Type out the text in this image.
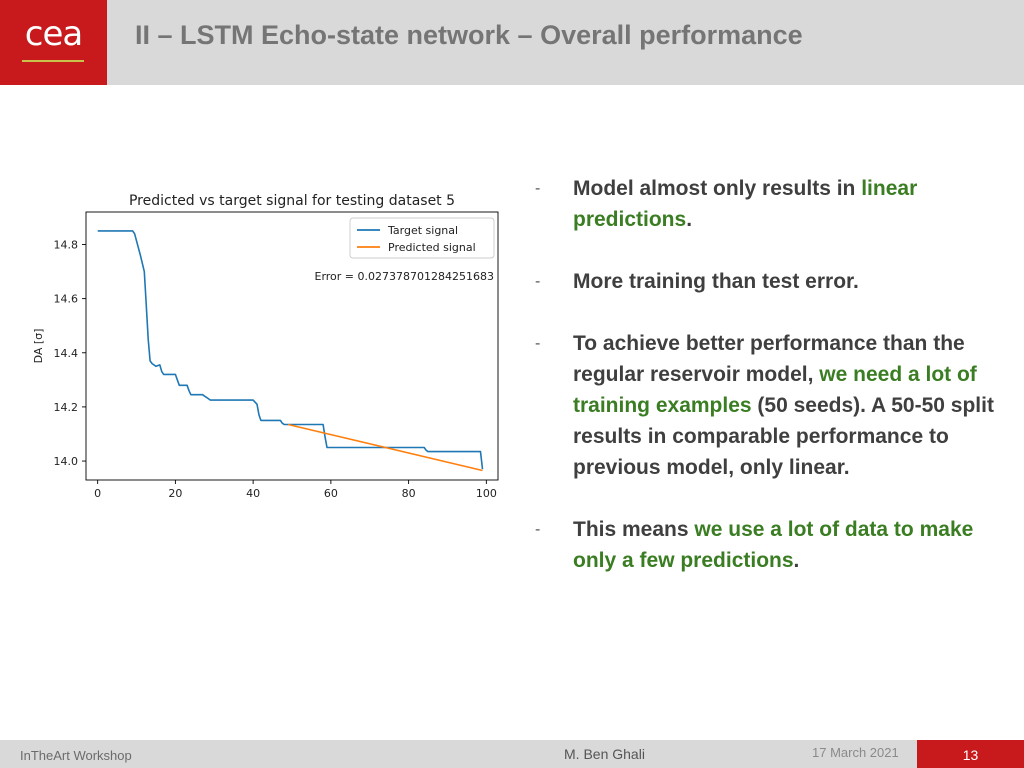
cea	II – LSTM Echo-state network – Overall performance
Predicted vs target signal for testing dataset 5
0	20	40	60	80	100
14.0
14.2
14.4
14.6
14.8
DA [σ]
Target signal
Predicted signal
Error = 0.027378701284251683
- Model almost only results in linear predictions.
- More training than test error.
- To achieve better performance than the regular reservoir model, we need a lot of training examples (50 seeds). A 50-50 split results in comparable performance to previous model, only linear.
- This means we use a lot of data to make only a few predictions.
InTheArt Workshop	M. Ben Ghali	17 March 2021	13
